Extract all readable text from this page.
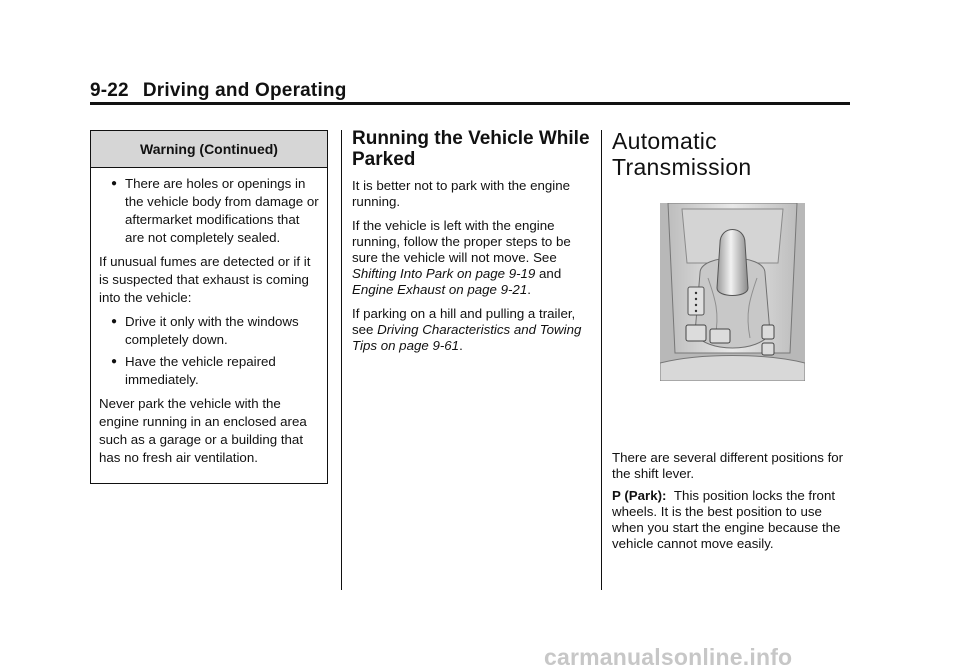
9-22 Driving and Operating
Warning (Continued)
● There are holes or openings in the vehicle body from damage or aftermarket modifications that are not completely sealed.
If unusual fumes are detected or if it is suspected that exhaust is coming into the vehicle:
● Drive it only with the windows completely down.
● Have the vehicle repaired immediately.
Never park the vehicle with the engine running in an enclosed area such as a garage or a building that has no fresh air ventilation.
Running the Vehicle While Parked

It is better not to park with the engine running.

If the vehicle is left with the engine running, follow the proper steps to be sure the vehicle will not move. See Shifting Into Park on page 9-19 and Engine Exhaust on page 9-21.

If parking on a hill and pulling a trailer, see Driving Characteristics and Towing Tips on page 9-61.

Automatic
Transmission

There are several different positions for the shift lever.

P (Park): This position locks the front wheels. It is the best position to use when you start the engine because the vehicle cannot move easily.

carmanualsonline.info
